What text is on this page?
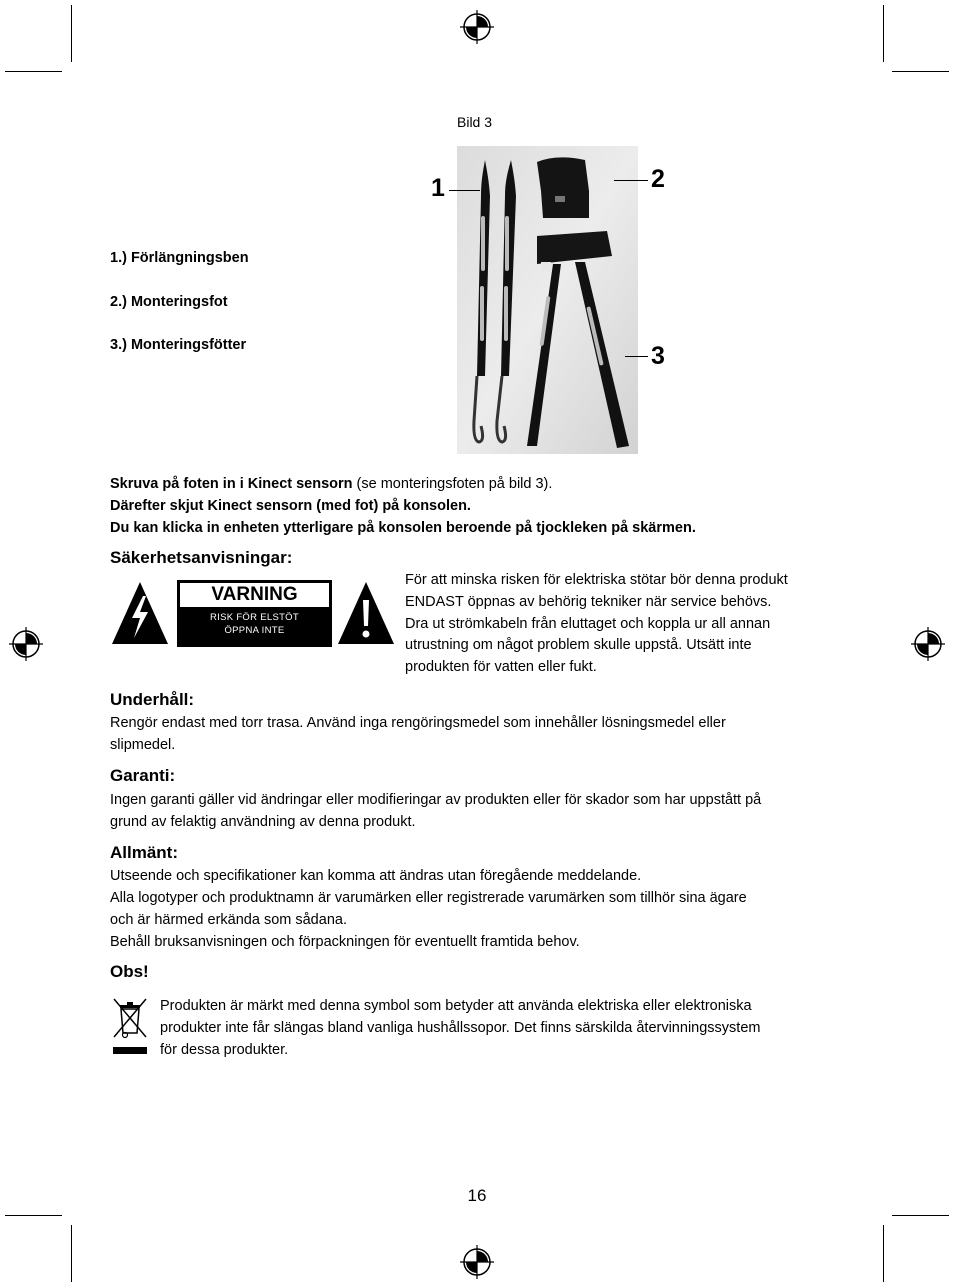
Bild 3
1	2
3
1.) Förlängningsben
2.) Monteringsfot
3.) Monteringsfötter
Skruva på foten in i Kinect sensorn (se monteringsfoten på bild 3).
Därefter skjut Kinect sensorn (med fot) på konsolen.
Du kan klicka in enheten ytterligare på konsolen beroende på tjockleken på skärmen.
Säkerhetsanvisningar:
VARNING
RISK FÖR ELSTÖT
ÖPPNA INTE
För att minska risken för elektriska stötar bör denna produkt
ENDAST öppnas av behörig tekniker när service behövs.
Dra ut strömkabeln från eluttaget och koppla ur all annan
utrustning om något problem skulle uppstå. Utsätt inte
produkten för vatten eller fukt.
Underhåll:
Rengör endast med torr trasa. Använd inga rengöringsmedel som innehåller lösningsmedel eller
slipmedel.
Garanti:
Ingen garanti gäller vid ändringar eller modifieringar av produkten eller för skador som har uppstått på
grund av felaktig användning av denna produkt.
Allmänt:
Utseende och specifikationer kan komma att ändras utan föregående meddelande.
Alla logotyper och produktnamn är varumärken eller registrerade varumärken som tillhör sina ägare
och är härmed erkända som sådana.
Behåll bruksanvisningen och förpackningen för eventuellt framtida behov.
Obs!
Produkten är märkt med denna symbol som betyder att använda elektriska eller elektroniska
produkter inte får slängas bland vanliga hushållssopor. Det finns särskilda återvinningssystem
för dessa produkter.
16
